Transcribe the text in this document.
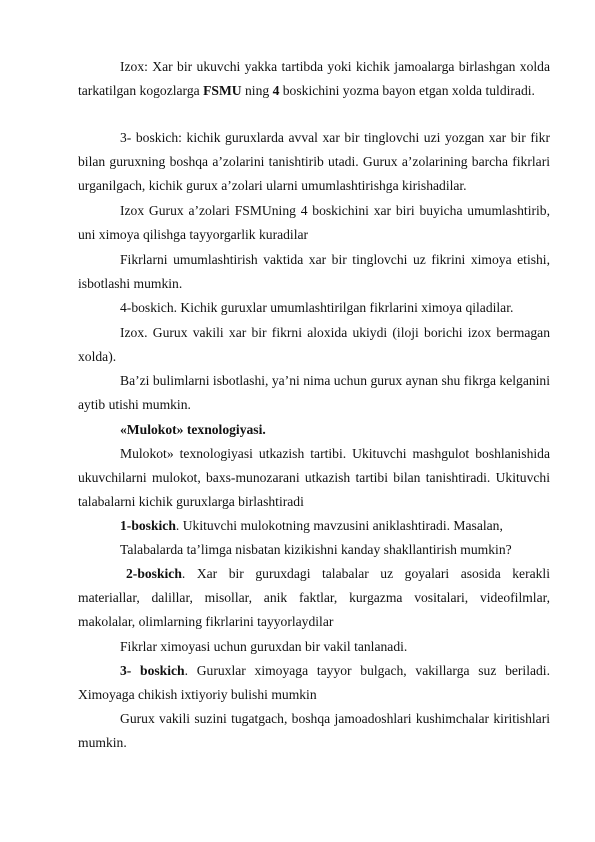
Izox: Xar bir ukuvchi yakka tartibda yoki kichik jamoalarga birlashgan xolda tarkatilgan kogozlarga FSMU ning 4 boskichini yozma bayon etgan xolda tuldiradi.

3- boskich: kichik guruxlarda avval xar bir tinglovchi uzi yozgan xar bir fikr bilan guruxning boshqa a’zolarini tanishtirib utadi. Gurux a’zolarining barcha fikrlari urganilgach, kichik gurux a’zolari ularni umumlashtirishga kirishadilar.

Izox Gurux a’zolari FSMUning 4 boskichini xar biri buyicha umumlashtirib, uni ximoya qilishga tayyorgarlik kuradilar

Fikrlarni umumlashtirish vaktida xar bir tinglovchi uz fikrini ximoya etishi, isbotlashi mumkin.

4-boskich. Kichik guruxlar umumlashtirilgan fikrlarini ximoya qiladilar.

Izox. Gurux vakili xar bir fikrni aloxida ukiydi (iloji borichi izox bermagan xolda).

Ba’zi bulimlarni isbotlashi, ya’ni nima uchun gurux aynan shu fikrga kelganini aytib utishi mumkin.

«Mulokot» texnologiyasi.

Mulokot» texnologiyasi utkazish tartibi. Ukituvchi mashgulot boshlanishida ukuvchilarni mulokot, baxs-munozarani utkazish tartibi bilan tanishtiradi. Ukituvchi talabalarni kichik guruxlarga birlashtiradi

1-boskich. Ukituvchi mulokotning mavzusini aniklashtiradi. Masalan,

Talabalarda ta’limga nisbatan kizikishni kanday shakllantirish mumkin?

2-boskich. Xar bir guruxdagi talabalar uz goyalari asosida kerakli materiallar, dalillar, misollar, anik faktlar, kurgazma vositalari, videofilmlar, makolalar, olimlarning fikrlarini tayyorlaydilar

Fikrlar ximoyasi uchun guruxdan bir vakil tanlanadi.

3- boskich. Guruxlar ximoyaga tayyor bulgach, vakillarga suz beriladi. Ximoyaga chikish ixtiyoriy bulishi mumkin

Gurux vakili suzini tugatgach, boshqa jamoadoshlari kushimchalar kiritishlari mumkin.
